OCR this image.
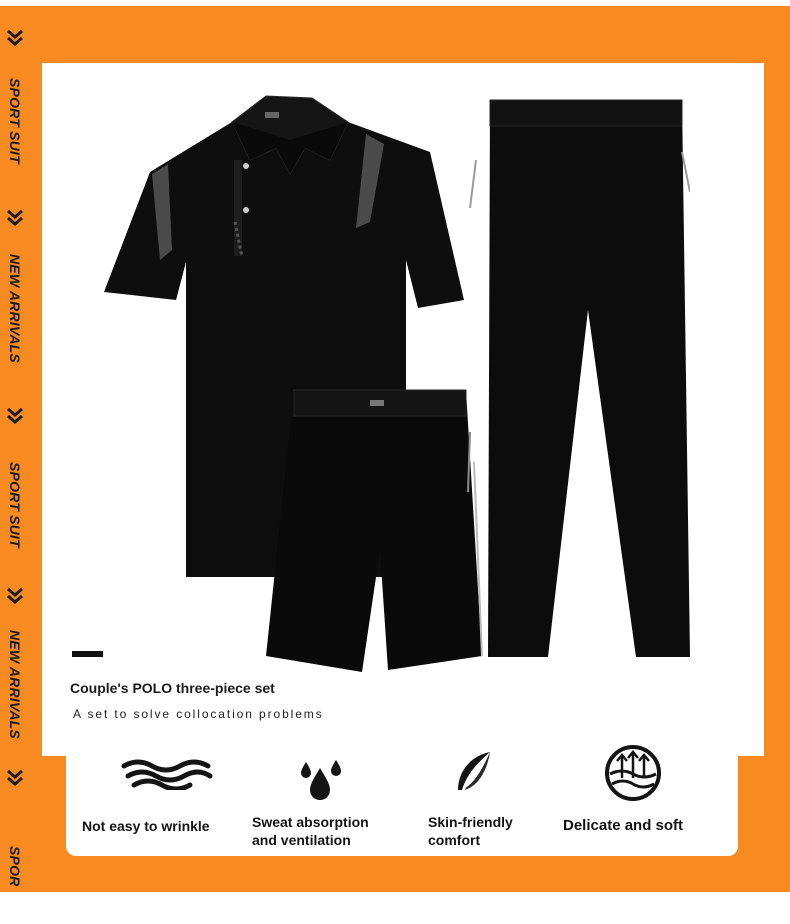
SPORT SUIT
NEW ARRIVALS
SPORT SUIT
NEW ARRIVALS
SPOR
Couple's POLO three-piece set
A set to solve collocation problems
Not easy to wrinkle	Sweat absorption
and ventilation
Skin-friendly
comfort
Delicate and soft
